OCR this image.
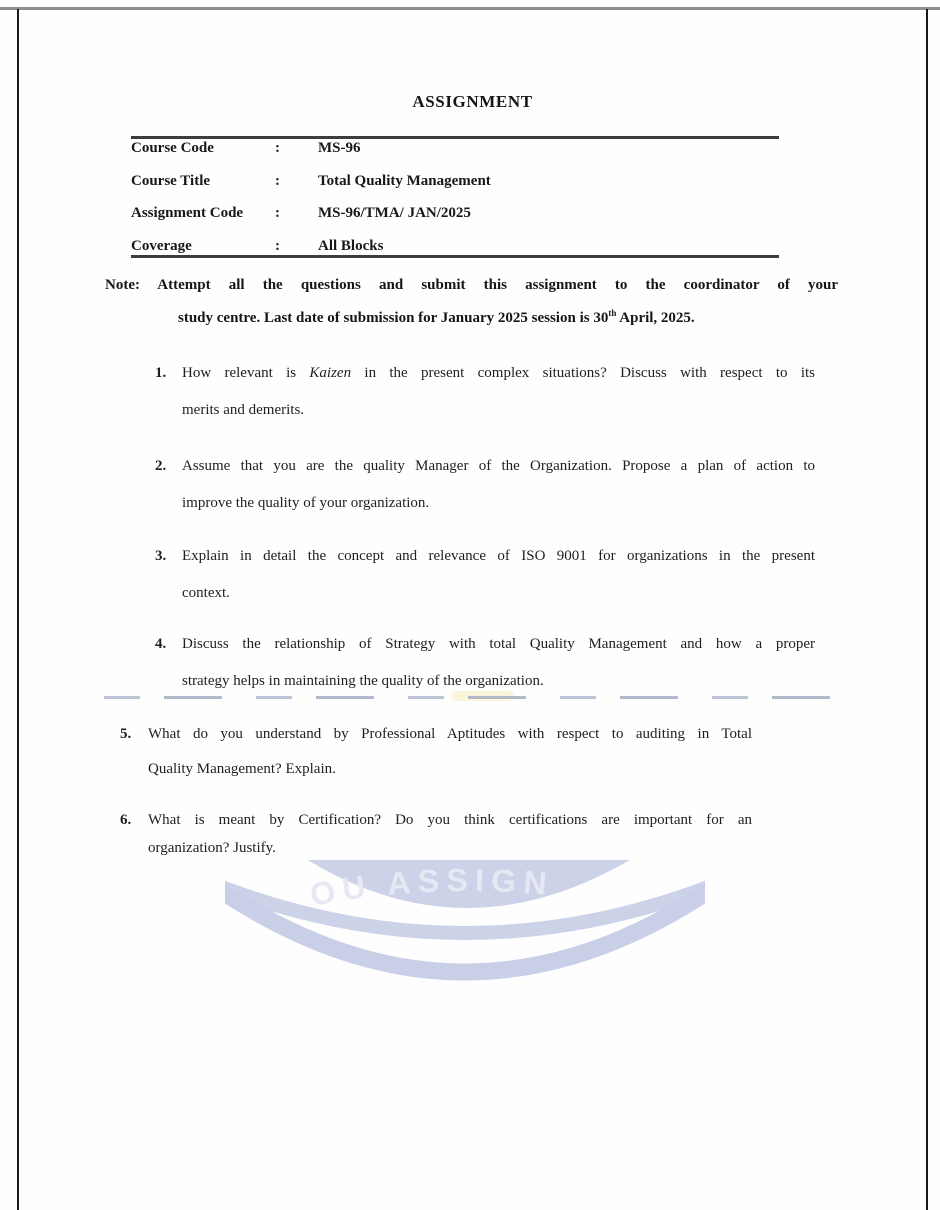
ASSIGNMENT
Course Code	:	MS-96
Course Title	:	Total Quality Management
Assignment Code :	MS-96/TMA/ JAN/2025
Coverage	:	All Blocks
Note: Attempt all the questions and submit this assignment to the coordinator of your
study centre. Last date of submission for January 2025 session is 30th April, 2025.
1. How relevant is Kaizen in the present complex situations? Discuss with respect to its
merits and demerits.
2. Assume that you are the quality Manager of the Organization. Propose a plan of action to
improve the quality of your organization.
3. Explain in detail the concept and relevance of ISO 9001 for organizations in the present
context.
4. Discuss the relationship of Strategy with total Quality Management and how a proper
strategy helps in maintaining the quality of the organization.
5. What do you understand by Professional Aptitudes with respect to auditing in Total
Quality Management? Explain.
6. What is meant by Certification? Do you think certifications are important for an
organization? Justify.
OU ASSIGN
